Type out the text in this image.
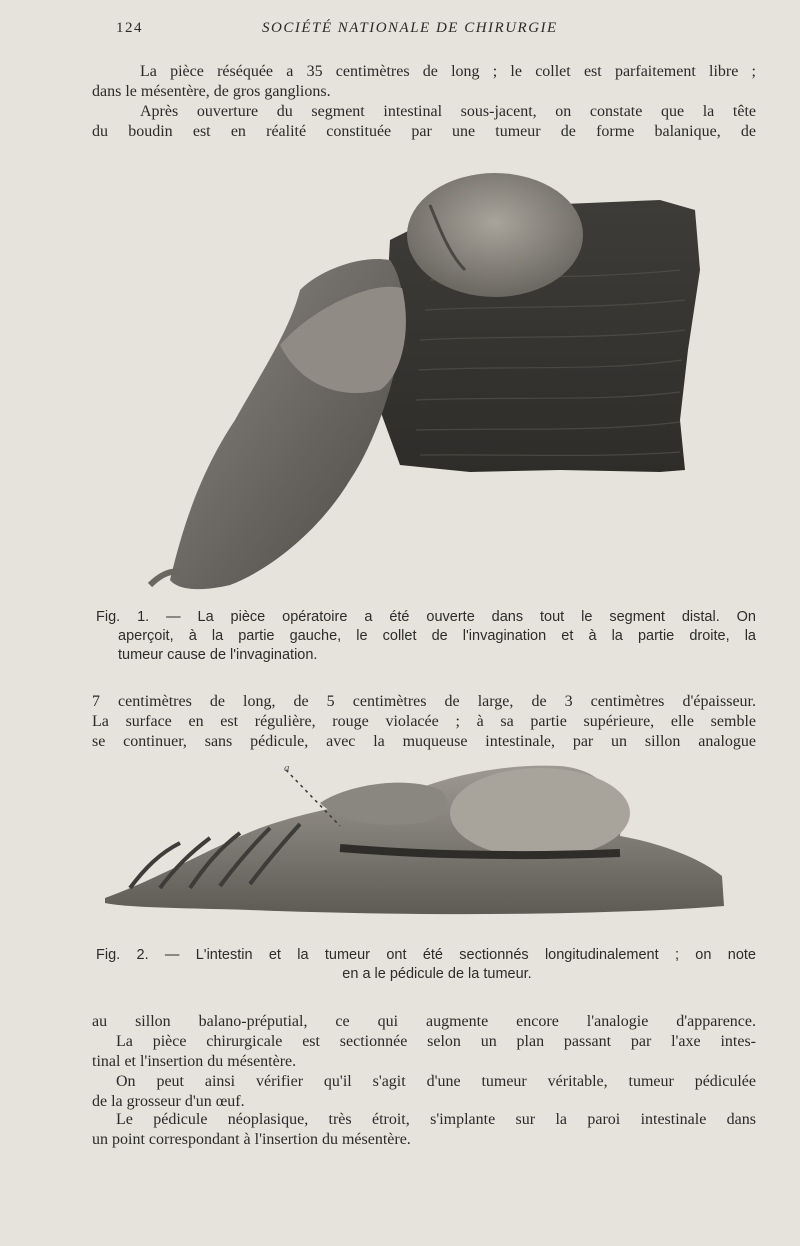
124	SOCIÉTÉ NATIONALE DE CHIRURGIE

La pièce réséquée a 35 centimètres de long ; le collet est parfaitement libre ;
dans le mésentère, de gros ganglions.

Après ouverture du segment intestinal sous-jacent, on constate que la tête
du boudin est en réalité constituée par une tumeur de forme balanique, de

Fig. 1. — La pièce opératoire a été ouverte dans tout le segment distal. On
aperçoit, à la partie gauche, le collet de l'invagination et à la partie droite, la
tumeur cause de l'invagination.

7 centimètres de long, de 5 centimètres de large, de 3 centimètres d'épaisseur.
La surface en est régulière, rouge violacée ; à sa partie supérieure, elle semble
se continuer, sans pédicule, avec la muqueuse intestinale, par un sillon analogue

a
Fig. 2. — L'intestin et la tumeur ont été sectionnés longitudinalement ; on note
en a le pédicule de la tumeur.

au sillon balano-préputial, ce qui augmente encore l'analogie d'apparence.

La pièce chirurgicale est sectionnée selon un plan passant par l'axe intes-
tinal et l'insertion du mésentère.

On peut ainsi vérifier qu'il s'agit d'une tumeur véritable, tumeur pédiculée
de la grosseur d'un œuf.

Le pédicule néoplasique, très étroit, s'implante sur la paroi intestinale dans
un point correspondant à l'insertion du mésentère.
